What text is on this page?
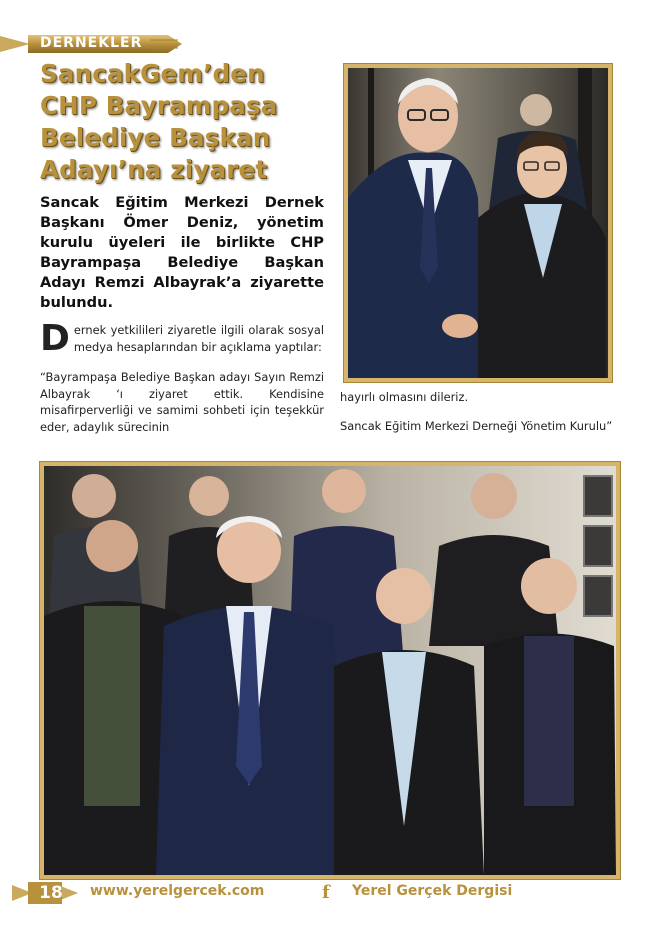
DERNEKLER
SancakGem’den
CHP Bayrampaşa
Belediye Başkan
Adayı’na ziyaret
Sancak Eğitim Merkezi Dernek Başkanı Ömer Deniz, yönetim kurulu üyeleri ile birlikte CHP Bayrampaşa Belediye Başkan Adayı Remzi Albayrak’a ziyarette bulundu.

Dernek yetkilileri ziyaretle ilgili olarak sosyal medya hesaplarından bir açıklama yaptılar:

“Bayrampaşa Belediye Başkan adayı Sayın Remzi Albayrak ‘ı ziyaret ettik. Kendisine misafirperverliği ve samimi sohbeti için teşekkür eder, adaylık sürecinin

hayırlı olmasını dileriz.

Sancak Eğitim Merkezi Derneği Yönetim Kurulu”

18	www.yerelgercek.com	f Yerel Gerçek Dergisi
